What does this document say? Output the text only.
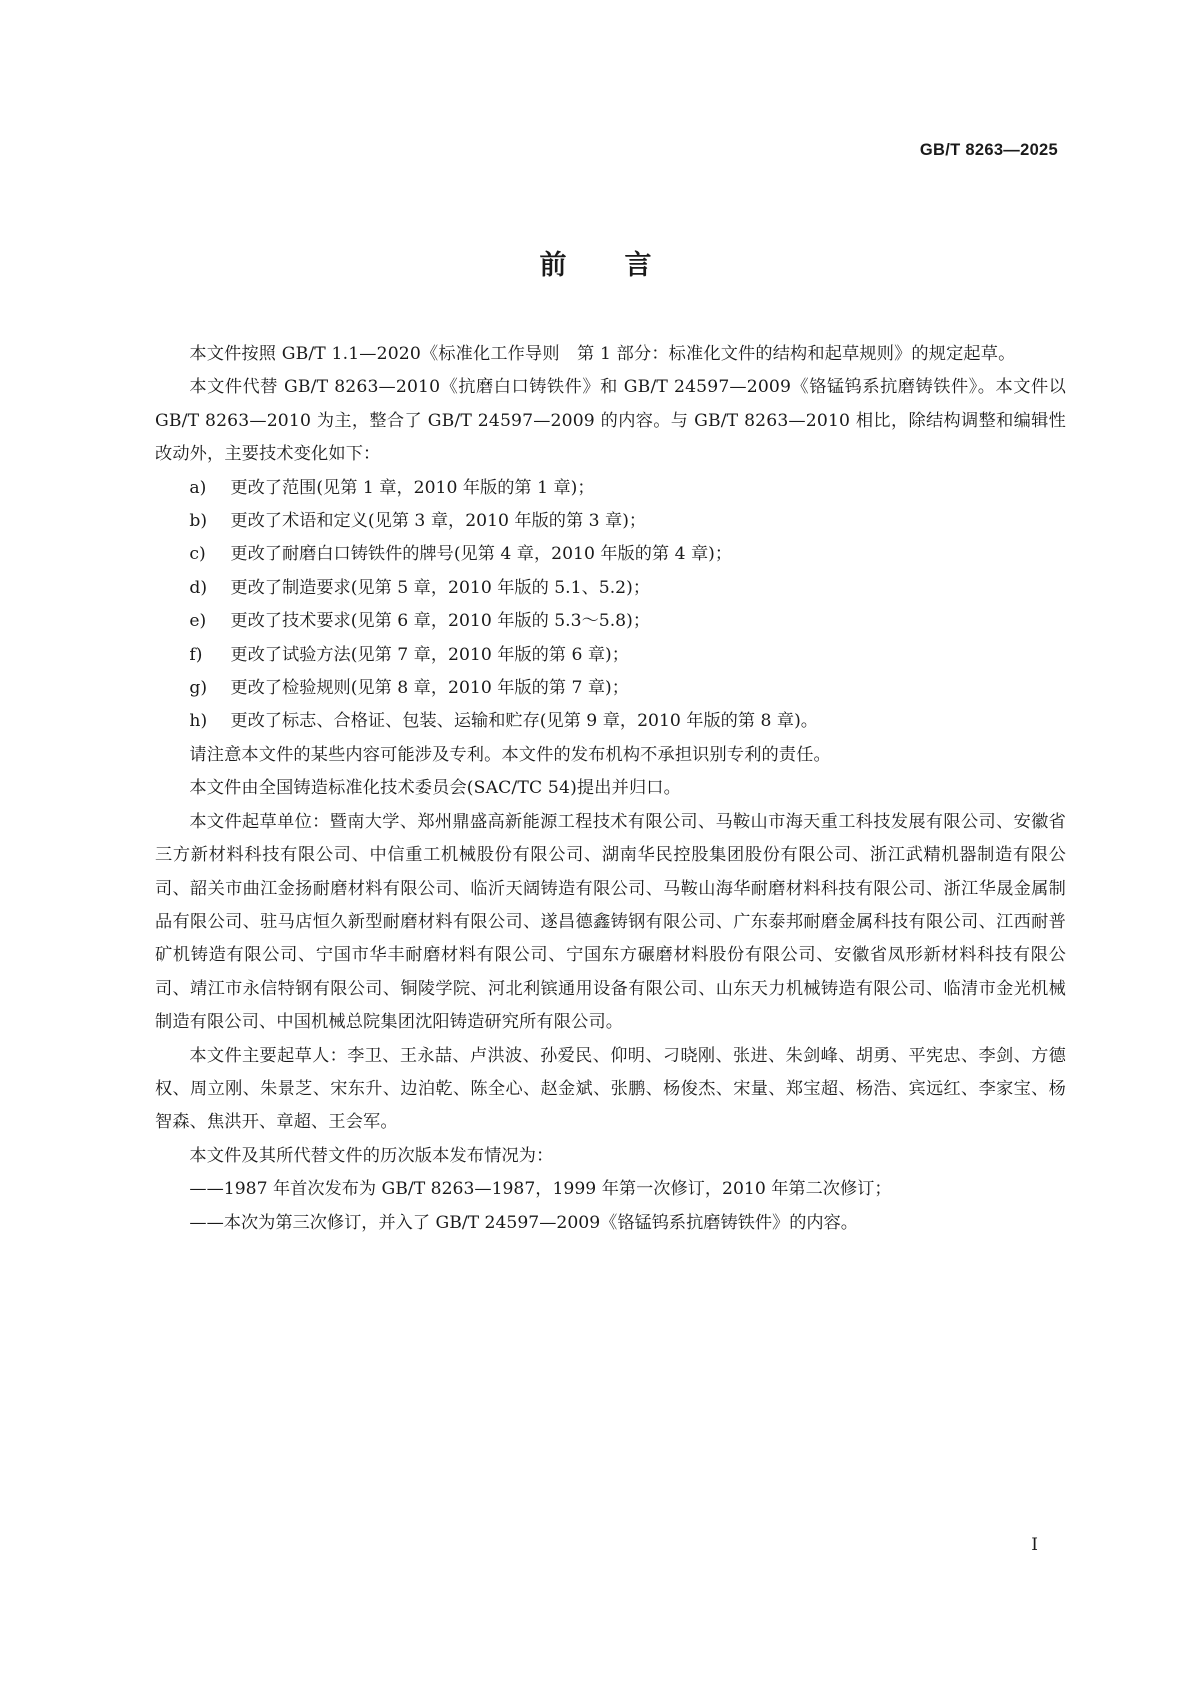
GB/T 8263—2025
前言

本文件按照 GB/T 1.1—2020《标准化工作导则　第 1 部分：标准化文件的结构和起草规则》的规定起草。

本文件代替 GB/T 8263—2010《抗磨白口铸铁件》和 GB/T 24597—2009《铬锰钨系抗磨铸铁件》。本文件以 GB/T 8263—2010 为主，整合了 GB/T 24597—2009 的内容。与 GB/T 8263—2010 相比，除结构调整和编辑性改动外，主要技术变化如下：

a) 更改了范围(见第 1 章，2010 年版的第 1 章)；

b) 更改了术语和定义(见第 3 章，2010 年版的第 3 章)；

c) 更改了耐磨白口铸铁件的牌号(见第 4 章，2010 年版的第 4 章)；

d) 更改了制造要求(见第 5 章，2010 年版的 5.1、5.2)；

e) 更改了技术要求(见第 6 章，2010 年版的 5.3～5.8)；

f) 更改了试验方法(见第 7 章，2010 年版的第 6 章)；

g) 更改了检验规则(见第 8 章，2010 年版的第 7 章)；

h) 更改了标志、合格证、包装、运输和贮存(见第 9 章，2010 年版的第 8 章)。

请注意本文件的某些内容可能涉及专利。本文件的发布机构不承担识别专利的责任。

本文件由全国铸造标准化技术委员会(SAC/TC 54)提出并归口。

本文件起草单位：暨南大学、郑州鼎盛高新能源工程技术有限公司、马鞍山市海天重工科技发展有限公司、安徽省三方新材料科技有限公司、中信重工机械股份有限公司、湖南华民控股集团股份有限公司、浙江武精机器制造有限公司、韶关市曲江金扬耐磨材料有限公司、临沂天阔铸造有限公司、马鞍山海华耐磨材料科技有限公司、浙江华晟金属制品有限公司、驻马店恒久新型耐磨材料有限公司、遂昌德鑫铸钢有限公司、广东泰邦耐磨金属科技有限公司、江西耐普矿机铸造有限公司、宁国市华丰耐磨材料有限公司、宁国东方碾磨材料股份有限公司、安徽省凤形新材料科技有限公司、靖江市永信特钢有限公司、铜陵学院、河北利镔通用设备有限公司、山东天力机械铸造有限公司、临清市金光机械制造有限公司、中国机械总院集团沈阳铸造研究所有限公司。

本文件主要起草人：李卫、王永喆、卢洪波、孙爱民、仰明、刁晓刚、张进、朱剑峰、胡勇、平宪忠、李剑、方德权、周立刚、朱景芝、宋东升、边泊乾、陈全心、赵金斌、张鹏、杨俊杰、宋量、郑宝超、杨浩、宾远红、李家宝、杨智森、焦洪开、章超、王会军。

本文件及其所代替文件的历次版本发布情况为：

——1987 年首次发布为 GB/T 8263—1987，1999 年第一次修订，2010 年第二次修订；

——本次为第三次修订，并入了 GB/T 24597—2009《铬锰钨系抗磨铸铁件》的内容。

I
